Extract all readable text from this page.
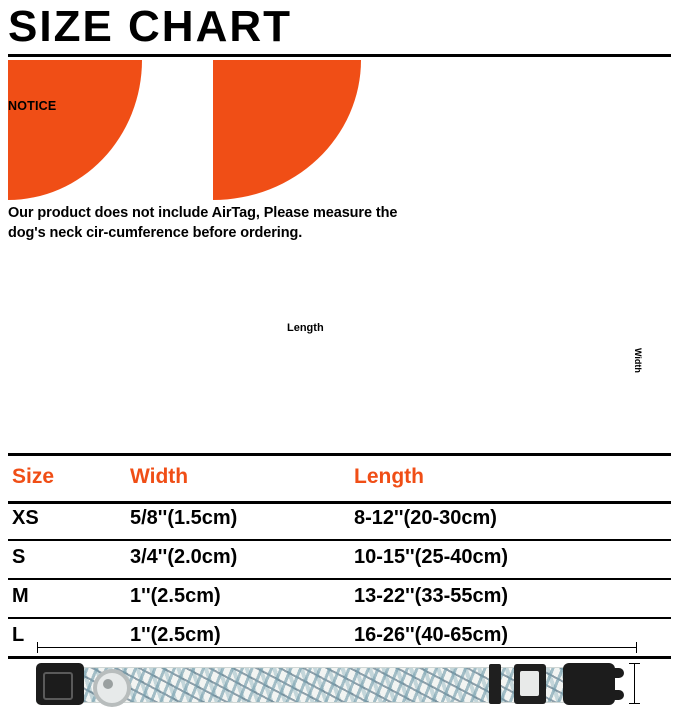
SIZE CHART
NOTICE
Our product does not include AirTag, Please measure the dog's neck cir-cumference before ordering.
Length
Width
Size	Width	Length
XS	5/8''(1.5cm)	8-12''(20-30cm)
S	3/4''(2.0cm)	10-15''(25-40cm)
M	1''(2.5cm)	13-22''(33-55cm)
L	1''(2.5cm)	16-26''(40-65cm)
